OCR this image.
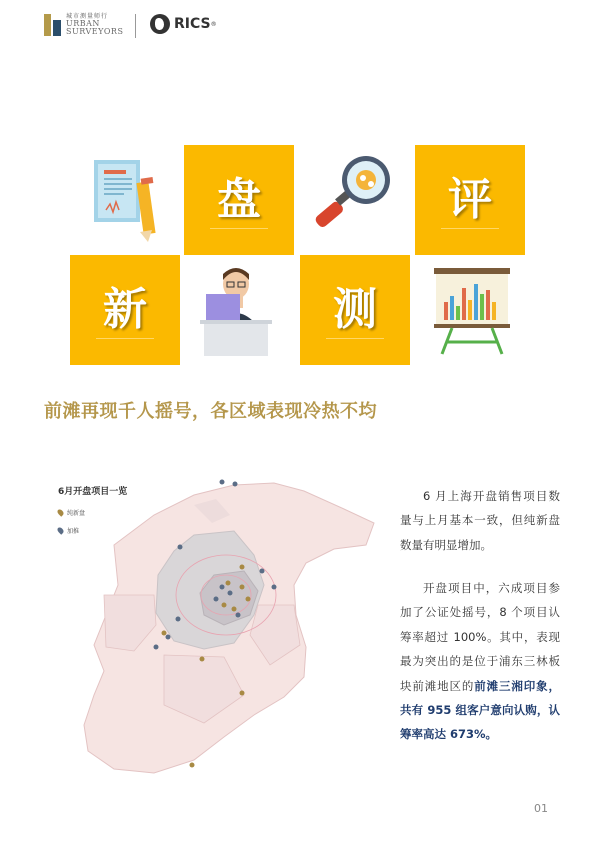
城市测量师行
URBAN
SURVEYORS	RICS ®
盘	评
新	测
前滩再现千人摇号，各区域表现冷热不均
6月开盘项目一览
纯新盘
加推
6 月上海开盘销售项目数量与上月基本一致，但纯新盘数量有明显增加。
开盘项目中，六成项目参加了公证处摇号，8 个项目认筹率超过 100%。其中，表现最为突出的是位于浦东三林板块前滩地区的前滩三湘印象，共有 955 组客户意向认购，认筹率高达 673%。
01
